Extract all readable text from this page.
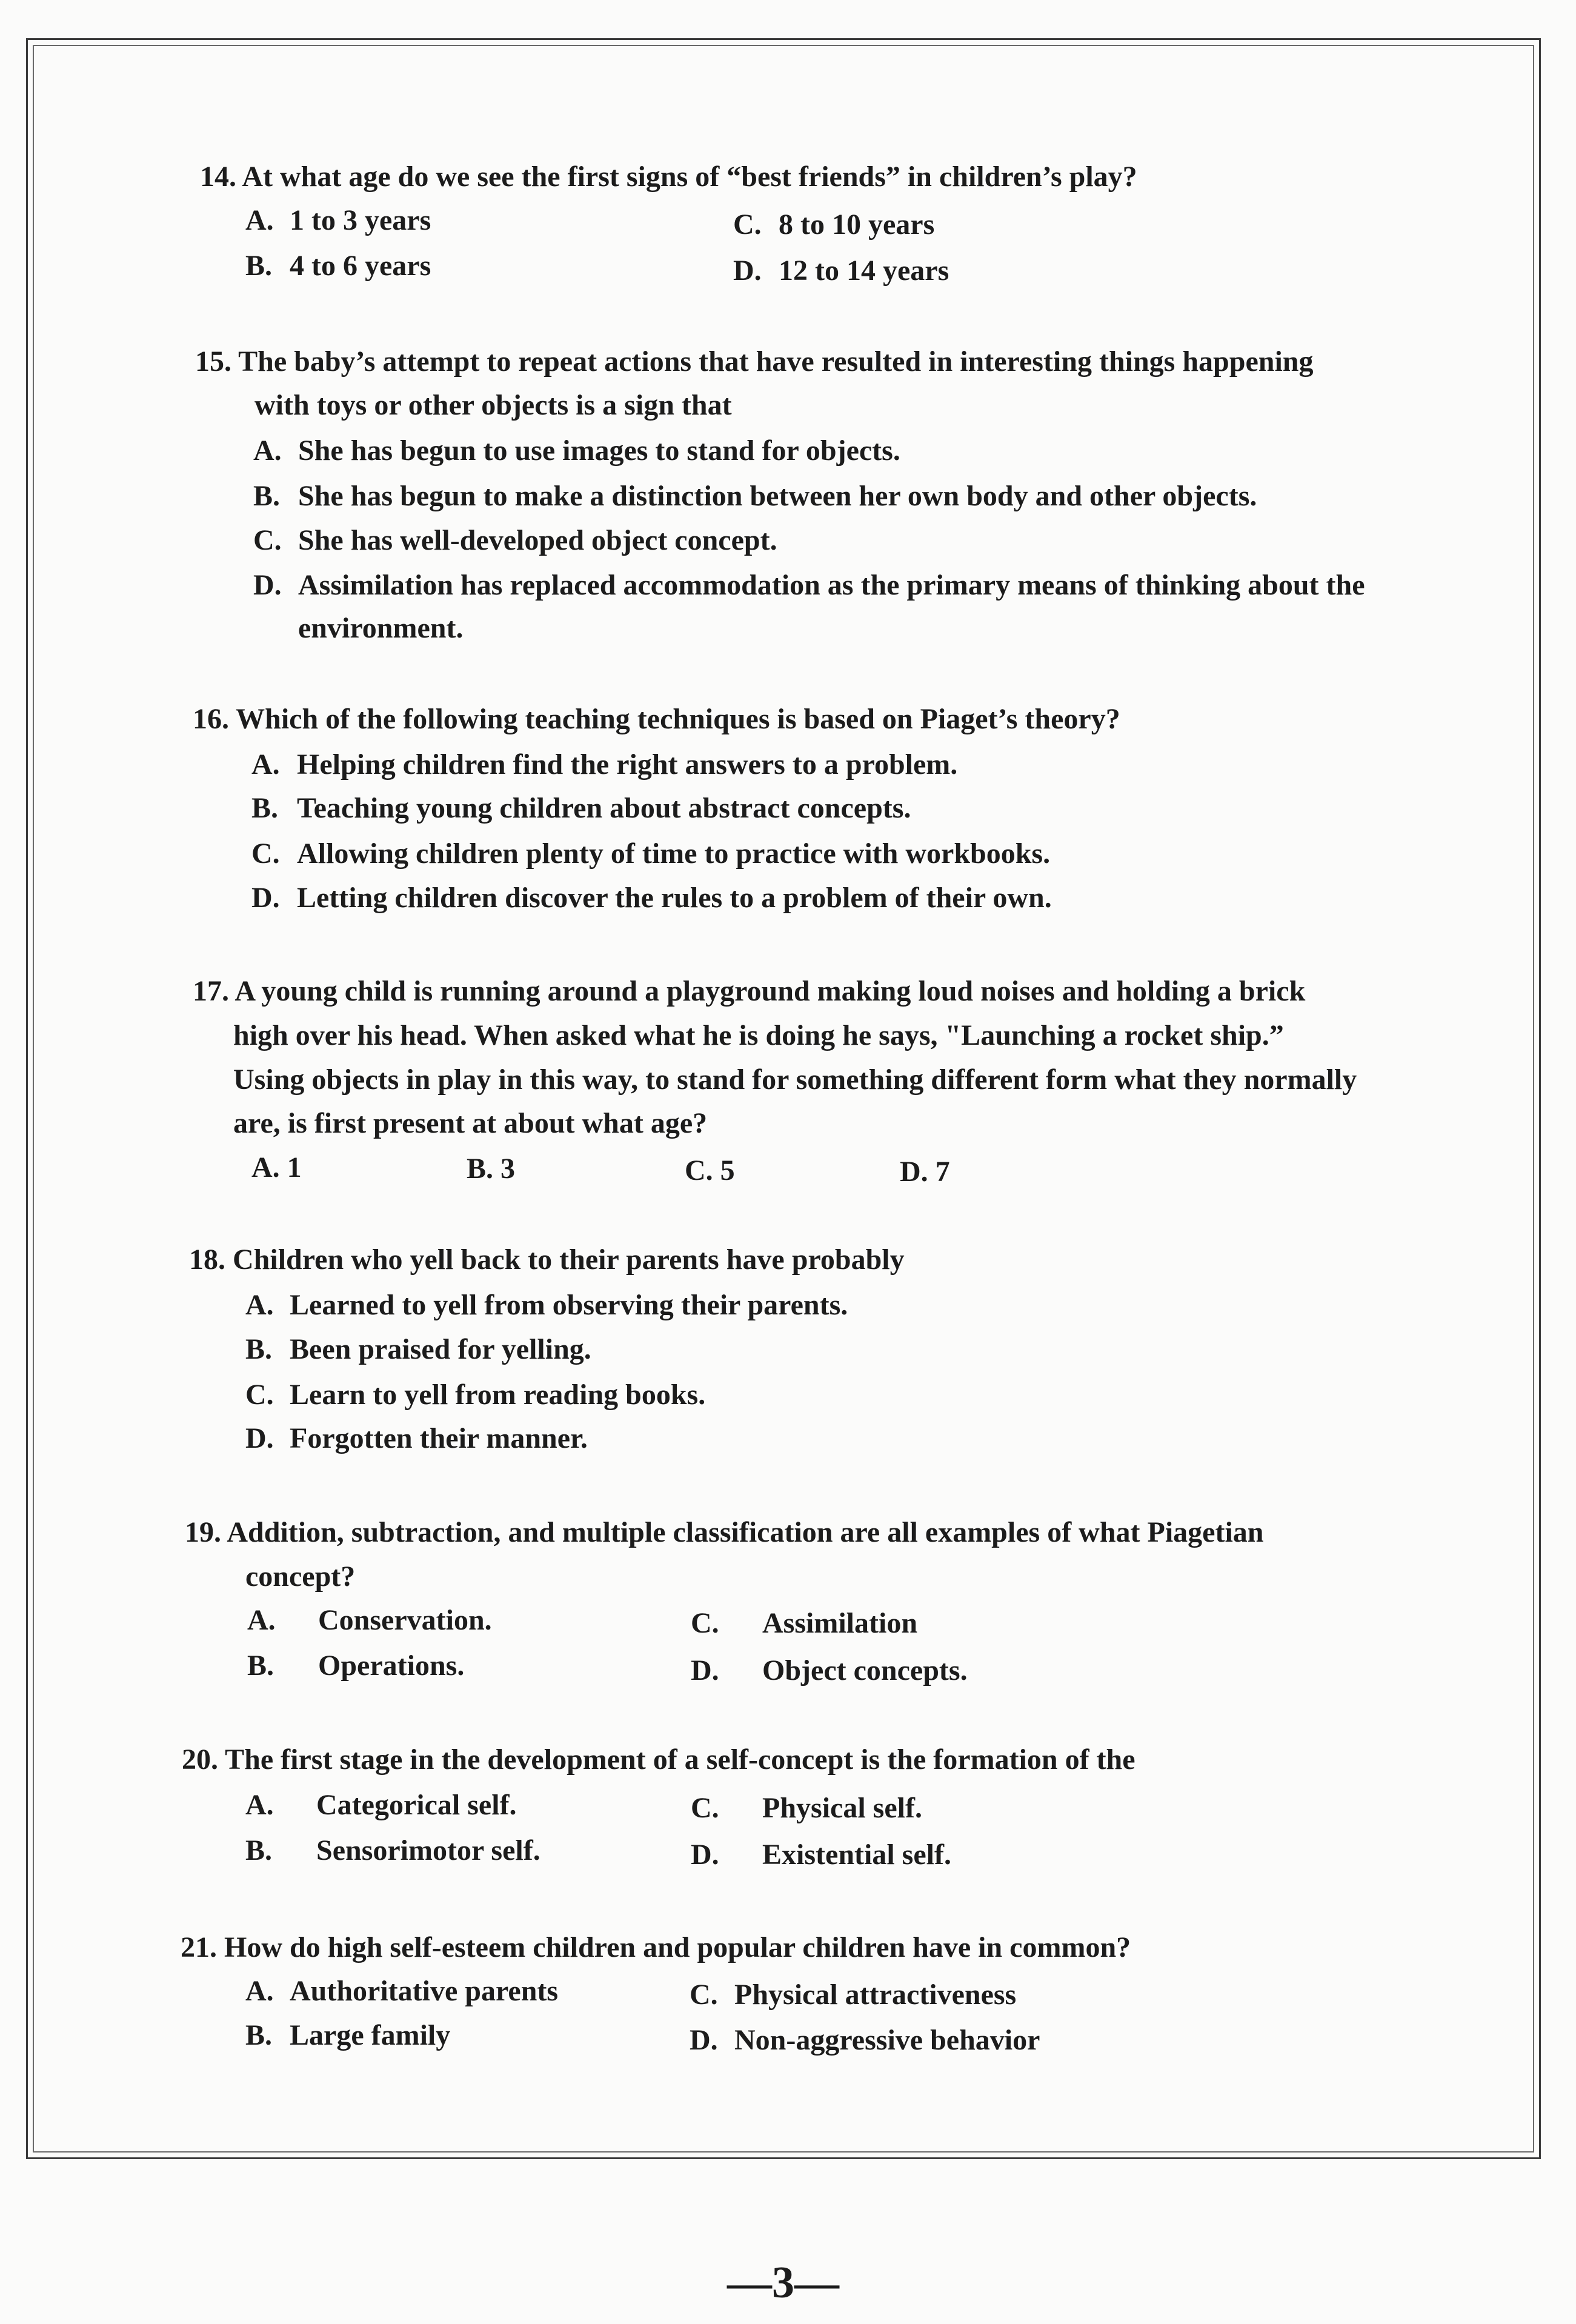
14. At what age do we see the first signs of “best friends” in children’s play?
A. 1 to 3 years
B. 4 to 6 years
C. 8 to 10 years
D. 12 to 14 years
15. The baby’s attempt to repeat actions that have resulted in interesting things happening
with toys or other objects is a sign that
A. She has begun to use images to stand for objects.
B. She has begun to make a distinction between her own body and other objects.
C. She has well-developed object concept.
D. Assimilation has replaced accommodation as the primary means of thinking about the
environment.
16. Which of the following teaching techniques is based on Piaget’s theory?
A. Helping children find the right answers to a problem.
B. Teaching young children about abstract concepts.
C. Allowing children plenty of time to practice with workbooks.
D. Letting children discover the rules to a problem of their own.
17. A young child is running around a playground making loud noises and holding a brick
high over his head. When asked what he is doing he says, "Launching a rocket ship.”
Using objects in play in this way, to stand for something different form what they normally
are, is first present at about what age?
A. 1	B. 3	C. 5	D. 7
18. Children who yell back to their parents have probably
A. Learned to yell from observing their parents.
B. Been praised for yelling.
C. Learn to yell from reading books.
D. Forgotten their manner.
19. Addition, subtraction, and multiple classification are all examples of what Piagetian
concept?
A. Conservation.
B. Operations.
C. Assimilation
D. Object concepts.
20. The first stage in the development of a self-concept is the formation of the
A. Categorical self.
B. Sensorimotor self.
C. Physical self.
D. Existential self.
21. How do high self-esteem children and popular children have in common?
A. Authoritative parents
B. Large family
C. Physical attractiveness
D. Non-aggressive behavior
—3—
